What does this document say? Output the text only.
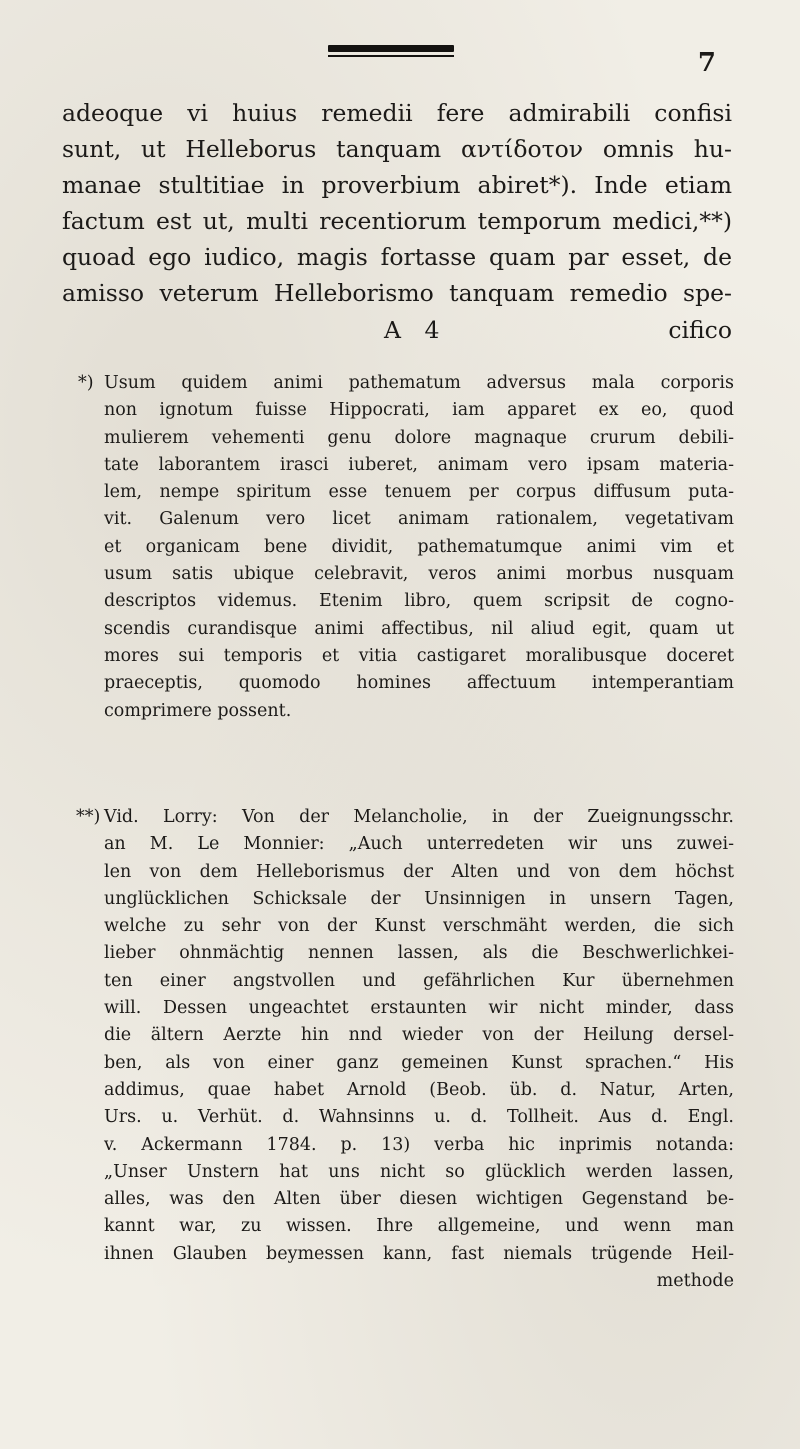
7
adeoque vi huius remedii fere admirabili confisi
sunt, ut Helleborus tanquam αντίδοτον omnis hu-
manae stultitiae in proverbium abiret*). Inde etiam
factum est ut, multi recentiorum temporum medici,**)
quoad ego iudico, magis fortasse quam par esset, de
amisso veterum Helleborismo tanquam remedio spe-
A 4	cifico
*) Usum quidem animi pathematum adversus mala corporis
non ignotum fuisse Hippocrati, iam apparet ex eo, quod
mulierem vehementi genu dolore magnaque crurum debili-
tate laborantem irasci iuberet, animam vero ipsam materia-
lem, nempe spiritum esse tenuem per corpus diffusum puta-
vit. Galenum vero licet animam rationalem, vegetativam
et organicam bene dividit, pathematumque animi vim et
usum satis ubique celebravit, veros animi morbus nusquam
descriptos videmus. Etenim libro, quem scripsit de cogno-
scendis curandisque animi affectibus, nil aliud egit, quam ut
mores sui temporis et vitia castigaret moralibusque doceret
praeceptis, quomodo homines affectuum intemperantiam
comprimere possent.
**) Vid. Lorry: Von der Melancholie, in der Zueignungsschr.
an M. Le Monnier: „Auch unterredeten wir uns zuwei-
len von dem Helleborismus der Alten und von dem höchst
unglücklichen Schicksale der Unsinnigen in unsern Tagen,
welche zu sehr von der Kunst verschmäht werden, die sich
lieber ohnmächtig nennen lassen, als die Beschwerlichkei-
ten einer angstvollen und gefährlichen Kur übernehmen
will. Dessen ungeachtet erstaunten wir nicht minder, dass
die ältern Aerzte hin nnd wieder von der Heilung dersel-
ben, als von einer ganz gemeinen Kunst sprachen.“ His
addimus, quae habet Arnold (Beob. üb. d. Natur, Arten,
Urs. u. Verhüt. d. Wahnsinns u. d. Tollheit. Aus d. Engl.
v. Ackermann 1784. p. 13) verba hic inprimis notanda:
„Unser Unstern hat uns nicht so glücklich werden lassen,
alles, was den Alten über diesen wichtigen Gegenstand be-
kannt war, zu wissen. Ihre allgemeine, und wenn man
ihnen Glauben beymessen kann, fast niemals trügende Heil-
methode
